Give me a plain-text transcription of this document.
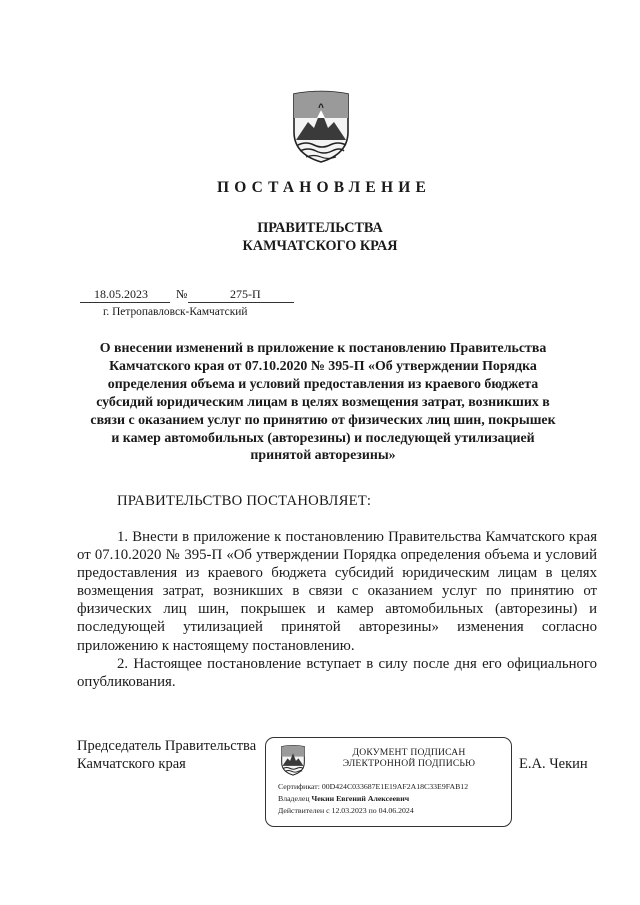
ПОСТАНОВЛЕНИЕ
ПРАВИТЕЛЬСТВА
КАМЧАТСКОГО КРАЯ
18.05.2023 №	275-П
г. Петропавловск-Камчатский
О внесении изменений в приложение к постановлению Правительства
Камчатского края от 07.10.2020 № 395-П «Об утверждении Порядка
определения объема и условий предоставления из краевого бюджета
субсидий юридическим лицам в целях возмещения затрат, возникших в
связи с оказанием услуг по принятию от физических лиц шин, покрышек
и камер автомобильных (авторезины) и последующей утилизацией
принятой авторезины»
ПРАВИТЕЛЬСТВО ПОСТАНОВЛЯЕТ:

1. Внести в приложение к постановлению Правительства Камчатского края от 07.10.2020 № 395-П «Об утверждении Порядка определения объема и условий предоставления из краевого бюджета субсидий юридическим лицам в целях возмещения затрат, возникших в связи с оказанием услуг по принятию от физических лиц шин, покрышек и камер автомобильных (авторезины) и последующей утилизацией принятой авторезины» изменения согласно приложению к настоящему постановлению.

2. Настоящее постановление вступает в силу после дня его официального опубликования.

Председатель Правительства
Камчатского края
ДОКУМЕНТ ПОДПИСАН
ЭЛЕКТРОННОЙ ПОДПИСЬЮ
Сертификат: 00D424C033687E1E19AF2A18C33E9FAB12
Владелец Чекин Евгений Алексеевич
Действителен с 12.03.2023 по 04.06.2024
Е.А. Чекин
